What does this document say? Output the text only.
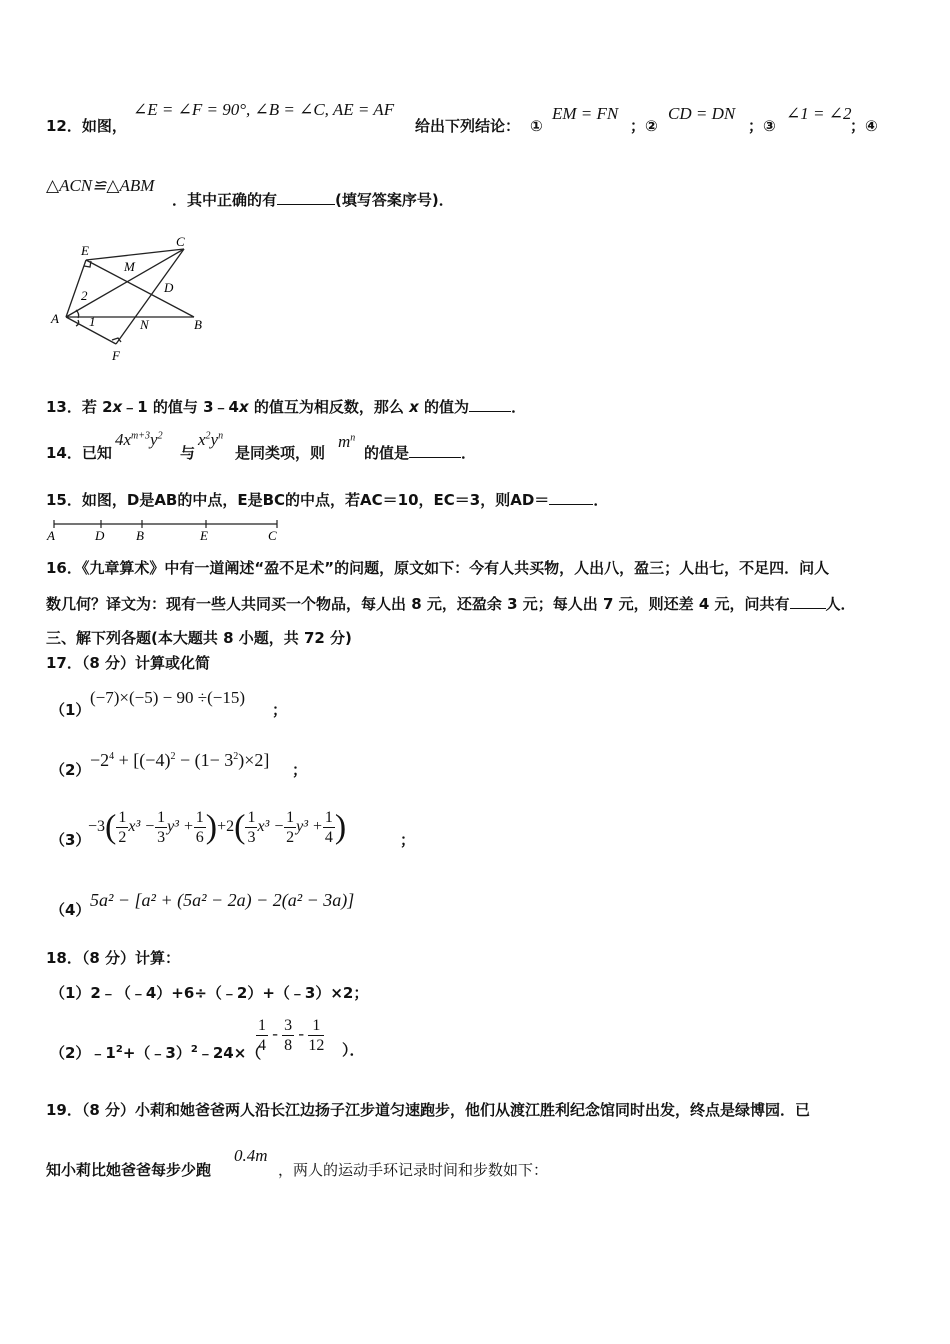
12．如图，
∠E = ∠F = 90°, ∠B = ∠C, AE = AF
给出下列结论： ①
EM = FN
；②
CD = DN
；③
∠1 = ∠2
；④
△ACN≌△ABM
．其中正确的有	(填写答案序号)．
E
C
M
D
A	B
N
F
2
1
13．若 2x﹣1 的值与 3﹣4x 的值互为相反数，那么 x 的值为	．
14．已知
$4x^{m+3}y^2$
与
$x^2y^n$
是同类项，则
$m^n$
的值是	．
15．如图，D是AB的中点，E是BC的中点，若AC＝10，EC＝3，则AD＝	．
A	D B	E	C
16．《九章算术》中有一道阐述“盈不足术”的问题，原文如下：今有人共买物，人出八，盈三；人出七，不足四．问人
数几何？译文为：现有一些人共同买一个物品，每人出 8 元，还盈余 3 元；每人出 7 元，则还差 4 元，问共有 人．
三、解下列各题(本大题共 8 小题，共 72 分)
17．（8 分）计算或化简
（1）
(−7)×(−5) − 90 ÷(−15)
；
$(2) -2^4 + [(-4)^2 - (1- 3^2)\times 2]$ ；
（3）
$-3( \frac{1}{2} x^3 - \frac{1}{3} y^3 + \frac{1}{6} )+2( \frac{1}{3} x^3 - \frac{1}{2} y^3 + \frac{1}{4}$ )	；
（4） 5a² − [a² + (5a² − 2a) − 2(a² − 3a)]
18．（8 分）计算：
（1）2﹣（﹣4）+6÷（﹣2）+（﹣3）×2；
$(2)﹣1^2+(﹣3)^2﹣24\times$（
$\frac{1}{4} - \frac{3}{8} - \frac{1}{12}$ ）．
19．（8 分）小莉和她爸爸两人沿长江边扬子江步道匀速跑步，他们从渡江胜利纪念馆同时出发，终点是绿博园．已
知小莉比她爸爸每步少跑
0.4m
，两人的运动手环记录时间和步数如下：
